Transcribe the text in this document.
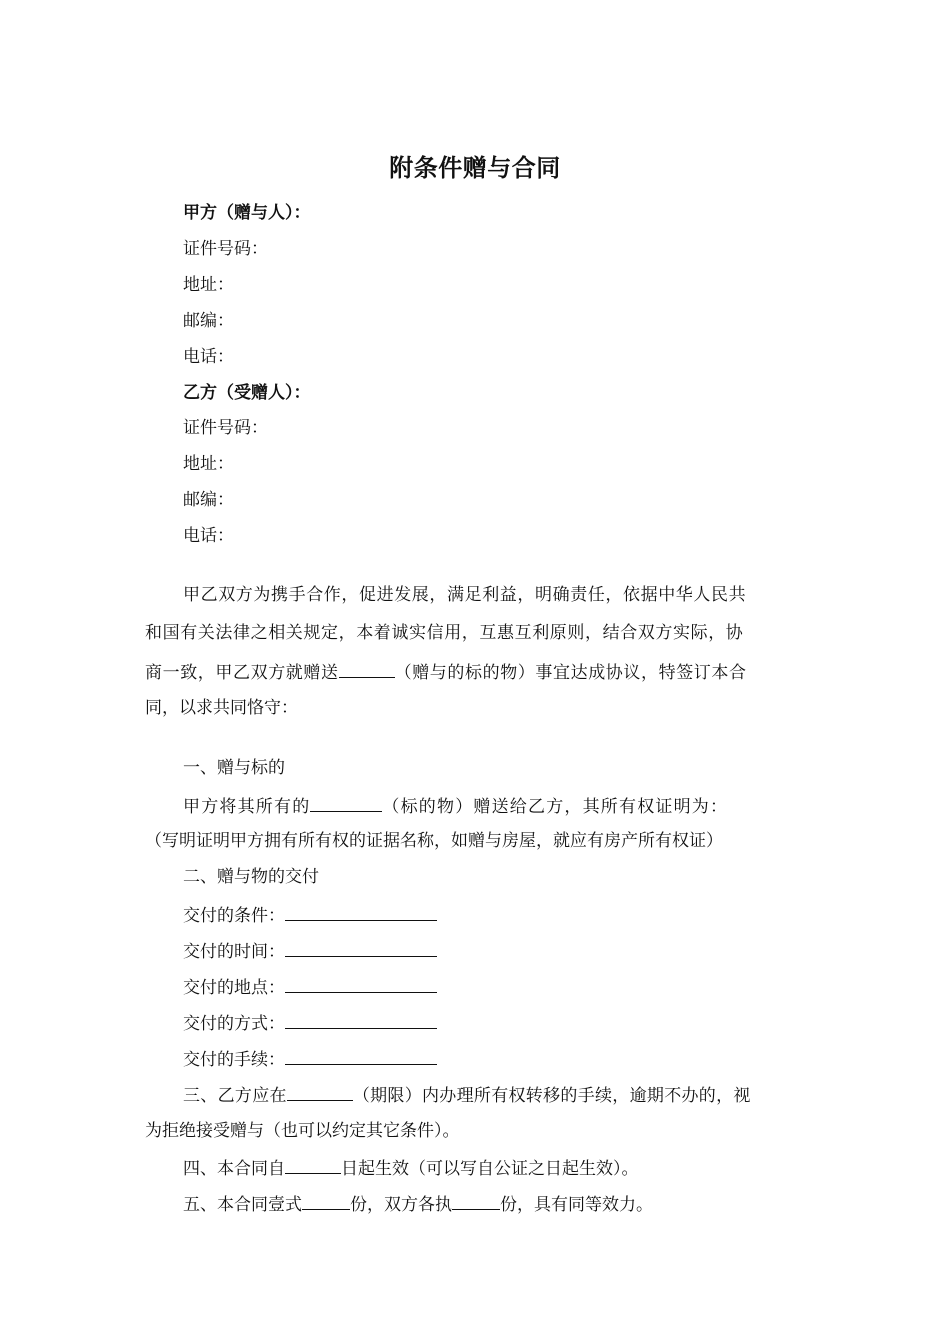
附条件赠与合同
甲方（赠与人）：
证件号码：
地址：
邮编：
电话：
乙方（受赠人）：
证件号码：
地址：
邮编：
电话：
甲乙双方为携手合作，促进发展，满足利益，明确责任，依据中华人民共
和国有关法律之相关规定，本着诚实信用，互惠互利原则，结合双方实际，协
商一致，甲乙双方就赠送	（赠与的标的物）事宜达成协议，特签订本合
同，以求共同恪守：
一、赠与标的
甲方将其所有的	（标的物）赠送给乙方，其所有权证明为：
（写明证明甲方拥有所有权的证据名称，如赠与房屋，就应有房产所有权证）
二、赠与物的交付
交付的条件：
交付的时间：
交付的地点：
交付的方式：
交付的手续：
三、乙方应在	（期限）内办理所有权转移的手续，逾期不办的，视
为拒绝接受赠与（也可以约定其它条件）。
四、本合同自	日起生效（可以写自公证之日起生效）。
五、本合同壹式	份，双方各执	份，具有同等效力。
